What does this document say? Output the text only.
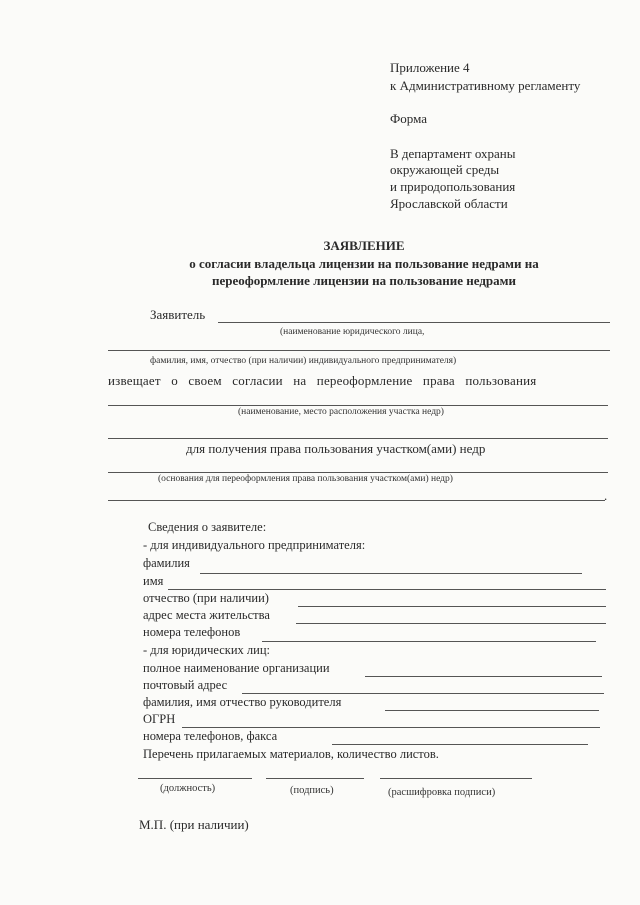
Приложение 4
к Административному регламенту
Форма
В департамент охраны
окружающей среды
и природопользования
Ярославской области
ЗАЯВЛЕНИЕ
о согласии владельца лицензии на пользование недрами на
переоформление лицензии на пользование недрами
Заявитель
(наименование юридического лица,
фамилия, имя, отчество (при наличии) индивидуального предпринимателя)
извещает о своем согласии на переоформление права пользования
(наименование, место расположения участка недр)
для получения права пользования участком(ами) недр
(основания для переоформления права пользования участком(ами) недр)
.
Сведения о заявителе:
- для индивидуального предпринимателя:
фамилия
имя
отчество (при наличии)
адрес места жительства
номера телефонов
- для юридических лиц:
полное наименование организации
почтовый адрес
фамилия, имя отчество руководителя
ОГРН
номера телефонов, факса
Перечень прилагаемых материалов, количество листов.
(должность)	(подпись)	(расшифровка подписи)
М.П. (при наличии)
